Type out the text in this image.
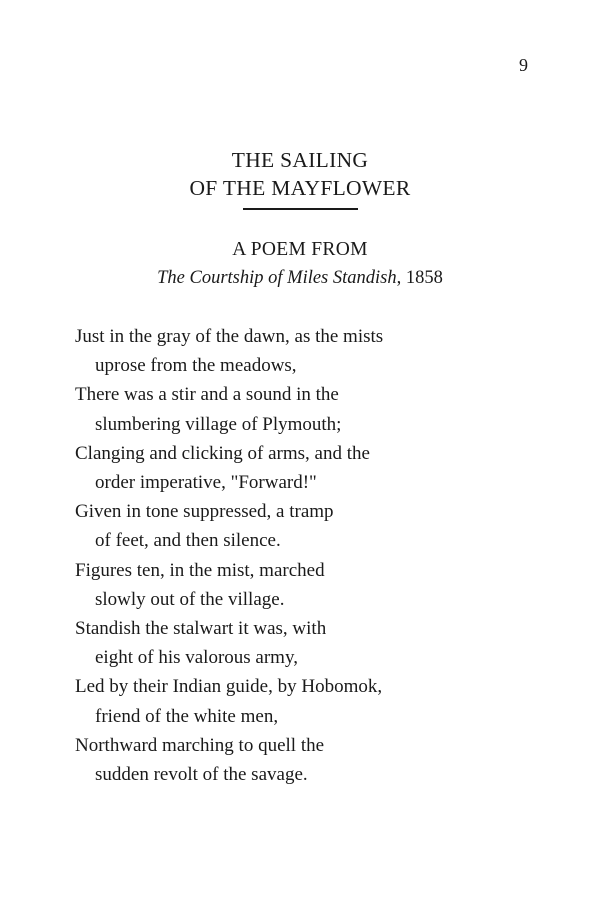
9
THE SAILING
OF THE MAYFLOWER
A POEM FROM
The Courtship of Miles Standish, 1858
Just in the gray of the dawn, as the mists
uprose from the meadows,
There was a stir and a sound in the
slumbering village of Plymouth;
Clanging and clicking of arms, and the
order imperative, "Forward!"
Given in tone suppressed, a tramp
of feet, and then silence.
Figures ten, in the mist, marched
slowly out of the village.
Standish the stalwart it was, with
eight of his valorous army,
Led by their Indian guide, by Hobomok,
friend of the white men,
Northward marching to quell the
sudden revolt of the savage.
